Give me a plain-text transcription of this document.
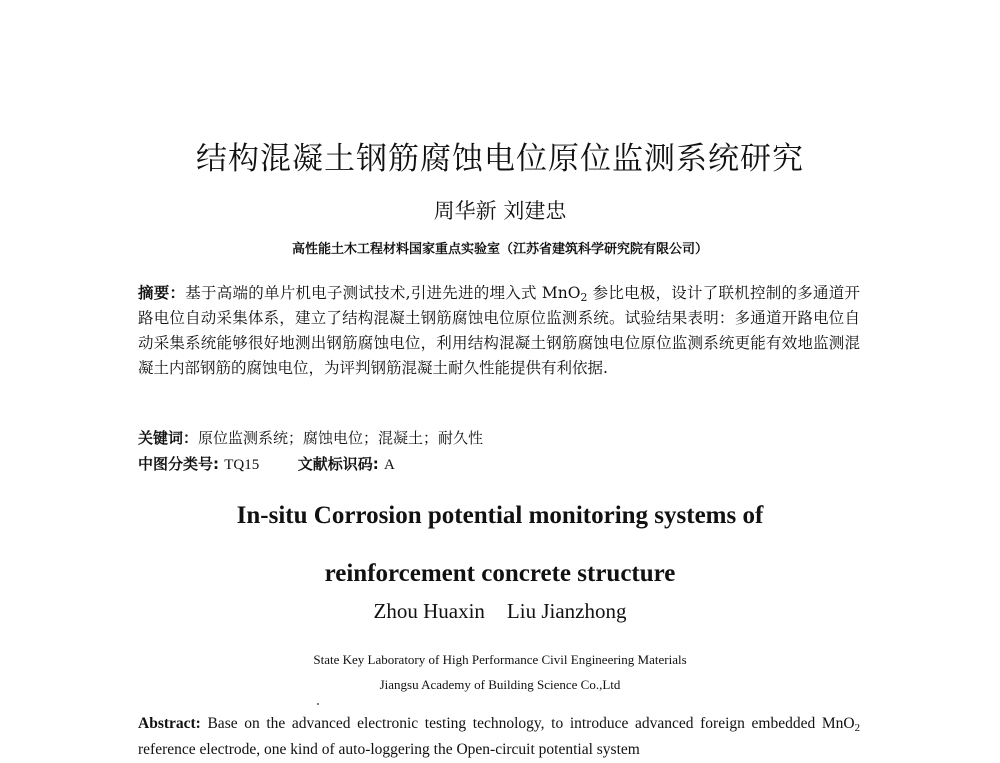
结构混凝土钢筋腐蚀电位原位监测系统研究
周华新 刘建忠
高性能土木工程材料国家重点实验室（江苏省建筑科学研究院有限公司）
摘要：基于高端的单片机电子测试技术,引进先进的埋入式 MnO$_2$ 参比电极，设计了联机控制的多通道开路电位自动采集体系，建立了结构混凝土钢筋腐蚀电位原位监测系统。试验结果表明：多通道开路电位自动采集系统能够很好地测出钢筋腐蚀电位，利用结构混凝土钢筋腐蚀电位原位监测系统更能有效地监测混凝土内部钢筋的腐蚀电位，为评判钢筋混凝土耐久性能提供有利依据.
关键词：原位监测系统；腐蚀电位；混凝土；耐久性
中图分类号: TQ15	文献标识码: A
In-situ Corrosion potential monitoring systems of
reinforcement concrete structure
Zhou Huaxin Liu Jianzhong
State Key Laboratory of High Performance Civil Engineering Materials
Jiangsu Academy of Building Science Co.,Ltd
Abstract: Base on the advanced electronic testing technology, to introduce advanced foreign embedded MnO$_2$ reference electrode, one kind of auto-loggering the Open-circuit potential system
